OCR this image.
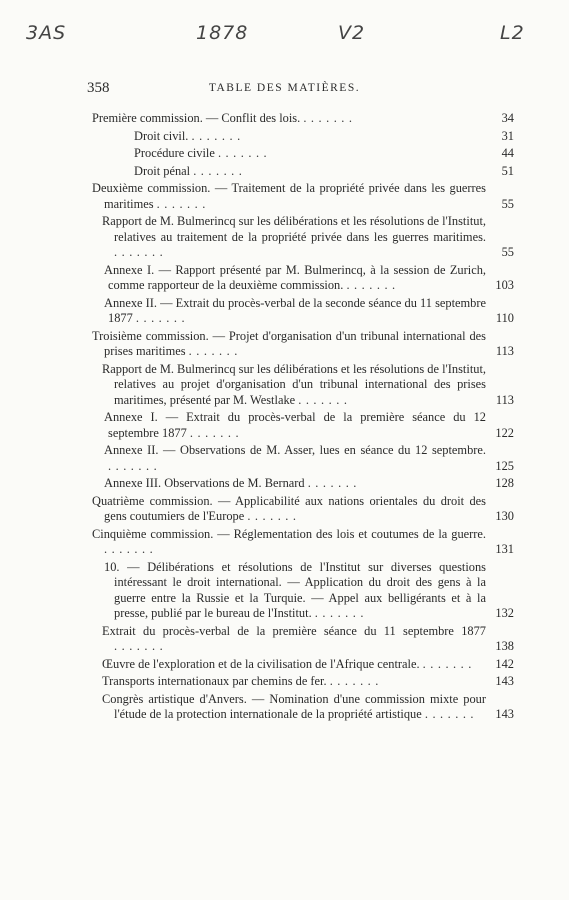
3AS	1878	V2	L2
358	TABLE DES MATIÈRES.
Première commission. — Conflit des lois. .......	34
Droit civil. .......	31
Procédure civile .......	44
Droit pénal .......	51
Deuxième commission. — Traitement de la propriété privée dans les guerres maritimes .......	55
Rapport de M. Bulmerincq sur les délibérations et les résolutions de l'Institut, relatives au traitement de la propriété privée dans les guerres maritimes. .......	55
Annexe I. — Rapport présenté par M. Bulmerincq, à la session de Zurich, comme rapporteur de la deuxième commission. .......	103
Annexe II. — Extrait du procès-verbal de la seconde séance du 11 septembre 1877 .......	110
Troisième commission. — Projet d'organisation d'un tribunal international des prises maritimes .......	113
Rapport de M. Bulmerincq sur les délibérations et les résolutions de l'Institut, relatives au projet d'organisation d'un tribunal international des prises maritimes, présenté par M. Westlake .......	113
Annexe I. — Extrait du procès-verbal de la première séance du 12 septembre 1877 .......	122
Annexe II. — Observations de M. Asser, lues en séance du 12 septembre. .......	125
Annexe III. Observations de M. Bernard .......	128
Quatrième commission. — Applicabilité aux nations orientales du droit des gens coutumiers de l'Europe .......	130
Cinquième commission. — Réglementation des lois et coutumes de la guerre. .......	131
10. — Délibérations et résolutions de l'Institut sur diverses questions intéressant le droit international. — Application du droit des gens à la guerre entre la Russie et la Turquie. — Appel aux belligérants et à la presse, publié par le bureau de l'Institut. .......	132
Extrait du procès-verbal de la première séance du 11 septembre 1877 .......	138
Œuvre de l'exploration et de la civilisation de l'Afrique centrale. .......	142
Transports internationaux par chemins de fer. .......	143
Congrès artistique d'Anvers. — Nomination d'une commission mixte pour l'étude de la protection internationale de la propriété artistique .......	143
